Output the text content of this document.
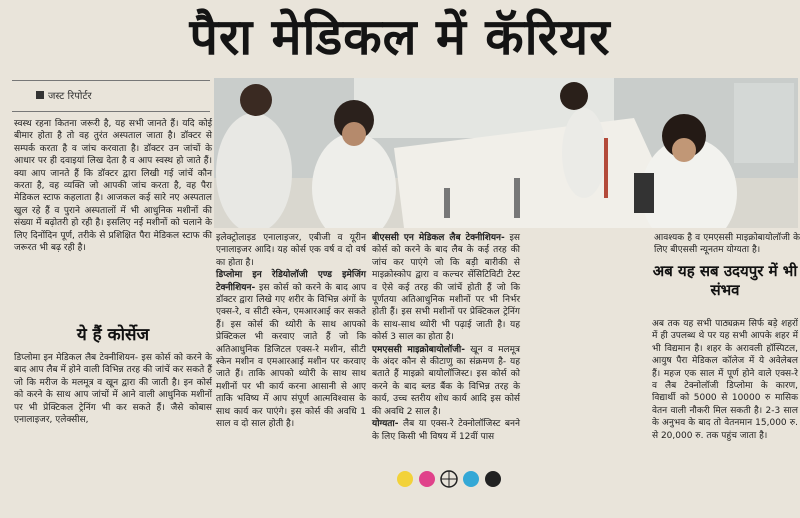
पैरा मेडिकल में कॅरियर
जस्ट रिपोर्टर

स्वस्थ रहना कितना जरूरी है, यह सभी जानते हैं। यदि कोई बीमार होता है तो वह तुरंत अस्पताल जाता है। डॉक्टर से सम्पर्क करता है व जांच करवाता है। डॉक्टर उन जांचों के आधार पर ही दवाइयां लिख देता है व आप स्वस्थ हो जाते हैं। क्या आप जानते हैं कि डॉक्टर द्वारा लिखी गई जांचें कौन करता है, वह व्यक्ति जो आपकी जांच करता है, वह पैरा मेडिकल स्टाफ कहलाता है। आजकल कई सारे नए अस्पताल खुल रहे हैं व पुराने अस्पतालों में भी आधुनिक मशीनों की संख्या में बढ़ोतरी हो रही है। इसलिए नई मशीनों को चलाने के लिए दिनोंदिन पूर्ण, तरीके से प्रशिक्षित पैरा मेडिकल स्टाफ की जरूरत भी बढ़ रही है।

ये हैं कोर्सेज

डिप्लोमा इन मेडिकल लैब टेक्नीशियन- इस कोर्स को करने के बाद आप लैब में होने वाली विभिन्न तरह की जांचें कर सकते हैं जो कि मरीज के मलमूत्र व खून द्वारा की जाती है। इन कोर्स को करने के साथ आप जांचों में आने वाली आधुनिक मशीनों पर भी प्रेक्टिकल ट्रेनिंग भी कर सकते हैं। जैसे कोबास एनालाइजर, एलेक्सीस,

इलेक्ट्रोलाइड एनालाइजर, एबीजी व यूरीन एनालाइजर आदि। यह कोर्स एक वर्ष व दो वर्ष का होता है।

डिप्लोमा इन रेडियोलॉजी एण्ड इमेजिंग टेक्नीशियन- इस कोर्स को करने के बाद आप डॉक्टर द्वारा लिखे गए शरीर के विभिन्न अंगों के एक्स-रे, व सीटी स्केन, एमआरआई कर सकते हैं। इस कोर्स की थ्योरी के साथ आपको प्रेक्टिकल भी करवाए जाते हैं जो कि अतिआधुनिक डिजिटल एक्स-रे मशीन, सीटी स्केन मशीन व एमआरआई मशीन पर करवाए जाते हैं। ताकि आपको थ्योरी के साथ साथ मशीनों पर भी कार्य करना आसानी से आए ताकि भविष्य में आप संपूर्ण आत्मविश्वास के साथ कार्य कर पाएंगे। इस कोर्स की अवधि 1 साल व दो साल होती है।

बीएससी एन मेडिकल लैब टेक्नीशियन- इस कोर्स को करने के बाद लैब के कई तरह की जांच कर पाएंगे जो कि बड़ी बारीकी से माइक्रोस्कोप द्वारा व कल्चर सेंसिटिविटी टेस्ट व ऐसे कई तरह की जांचें होती हैं जो कि पूर्णतया अतिआधुनिक मशीनों पर भी निर्भर होती हैं। इस सभी मशीनों पर प्रेक्टिकल ट्रेनिंग के साथ-साथ थ्योरी भी पढ़ाई जाती है। यह कोर्स 3 साल का होता है।

एमएससी माइक्रोबायोलॉजी- खून व मलमूत्र के अंदर कौन से कीटाणु का संक्रमण है- यह बताते हैं माइक्रो बायोलॉजिस्ट। इस कोर्स को करने के बाद ब्लड बैंक के विभिन्न तरह के कार्य, उच्च स्तरीय शोध कार्य आदि इस कोर्स की अवधि 2 साल है।

योग्यता- लैब या एक्स-रे टेक्नोलॉजिस्ट बनने के लिए किसी भी विषय में 12वीं पास

आवश्यक है व एमएससी माइक्रोबायोलॉजी के लिए बीएससी न्यूनतम योग्यता है।

अब यह सब उदयपुर में भी संभव

अब तक यह सभी पाठ्यक्रम सिर्फ बड़े शहरों में ही उपलब्ध थे पर यह सभी आपके शहर में भी विद्यमान है। शहर के अरावली हॉस्पिटल, आयुष पैरा मेडिकल कॉलेज में ये अवेलेबल हैं। महज एक साल में पूर्ण होने वाले एक्स-रे व लैब टेक्नोलॉजी डिप्लोमा के कारण, विद्यार्थी को 5000 से 10000 रु मासिक वेतन वाली नौकरी मिल सकती है। 2-3 साल के अनुभव के बाद तो वेतनमान 15,000 रु. से 20,000 रु. तक पहुंच जाता है।
